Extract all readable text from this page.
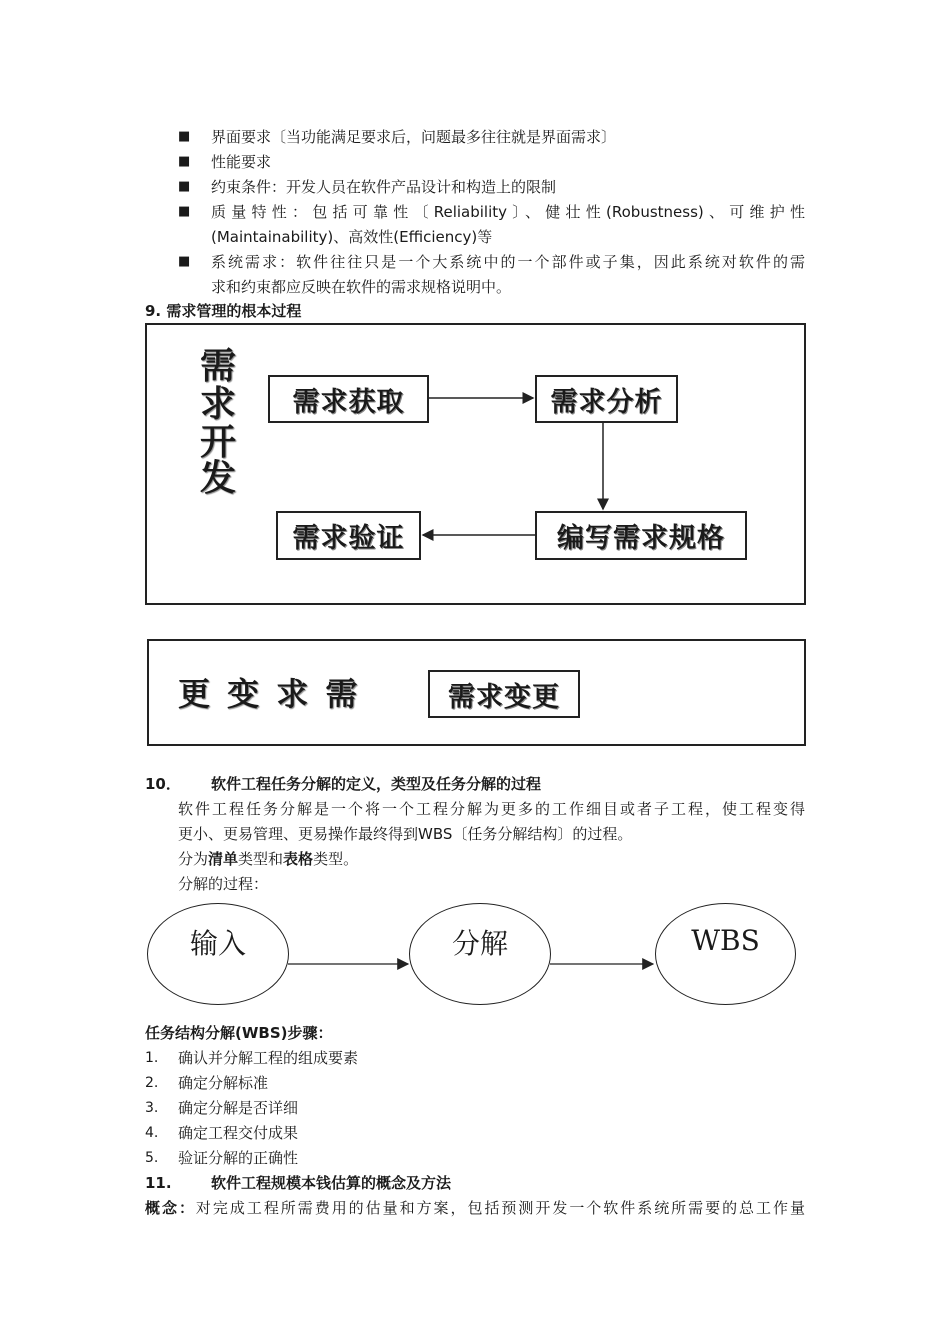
■ 界面要求〔当功能满足要求后，问题最多往往就是界面需求〕
■ 性能要求
■ 约束条件：开发人员在软件产品设计和构造上的限制
■ 质量特性：包括可靠性〔Reliability〕、健壮性(Robustness)、可维护性
(Maintainability)、高效性(Efficiency)等
■ 系统需求：软件往往只是一个大系统中的一个部件或子集，因此系统对软件的需
求和约束都应反映在软件的需求规格说明中。
9. 需求管理的根本过程
需
求
开
发
需求获取	需求分析
编写需求规格
需求验证
更 变 求 需	需求变更
10． 软件工程任务分解的定义，类型及任务分解的过程
软件工程任务分解是一个将一个工程分解为更多的工作细目或者子工程，使工程变得
更小、更易管理、更易操作最终得到WBS〔任务分解结构〕的过程。
分为清单类型和表格类型。
分解的过程：
输入	分解	WBS
任务结构分解(WBS)步骤：
1. 确认并分解工程的组成要素
2. 确定分解标准
3. 确定分解是否详细
4. 确定工程交付成果
5. 验证分解的正确性
11.	软件工程规模本钱估算的概念及方法
概念：对完成工程所需费用的估量和方案，包括预测开发一个软件系统所需要的总工作量
